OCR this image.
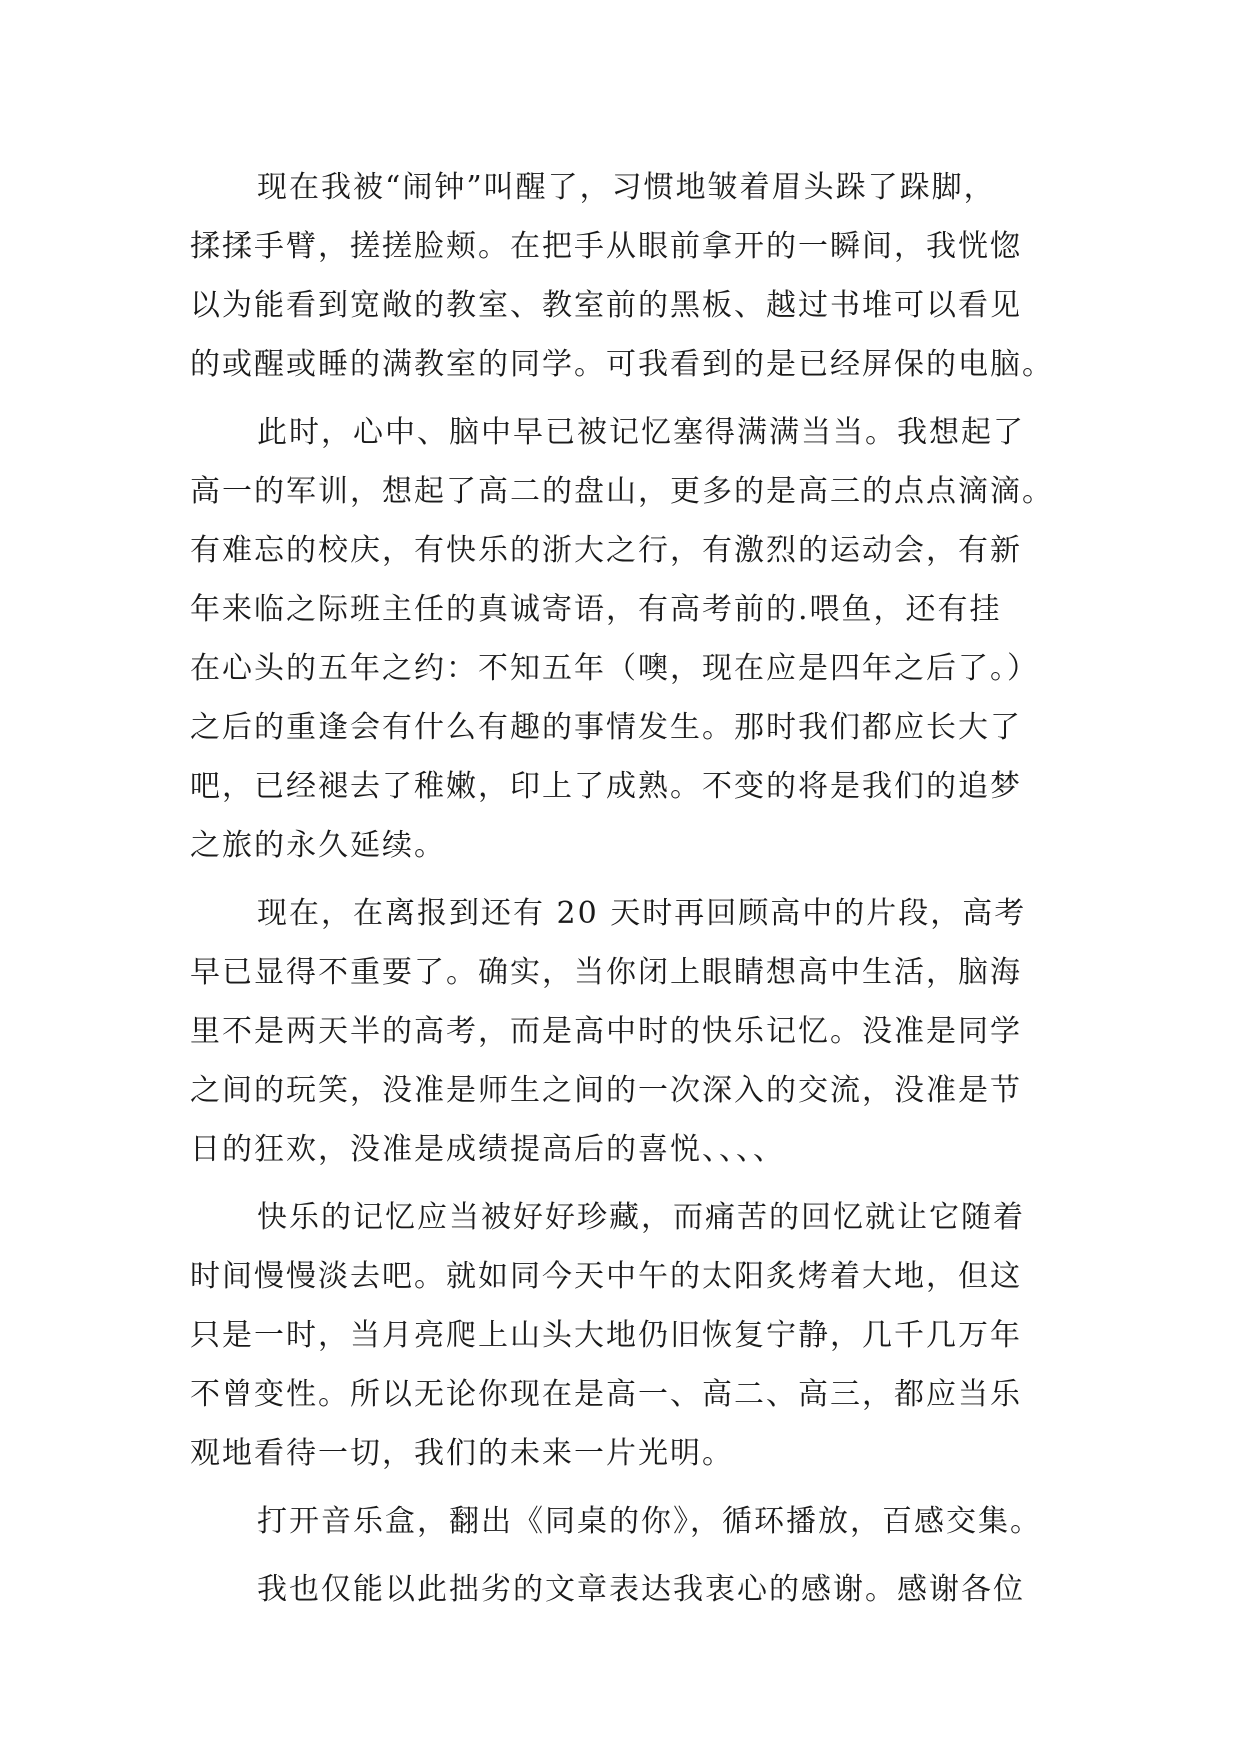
现在我被“闹钟”叫醒了，习惯地皱着眉头跺了跺脚，
揉揉手臂，搓搓脸颊。在把手从眼前拿开的一瞬间，我恍惚
以为能看到宽敞的教室、教室前的黑板、越过书堆可以看见
的或醒或睡的满教室的同学。可我看到的是已经屏保的电脑。
此时，心中、脑中早已被记忆塞得满满当当。我想起了
高一的军训，想起了高二的盘山，更多的是高三的点点滴滴。
有难忘的校庆，有快乐的浙大之行，有激烈的运动会，有新
年来临之际班主任的真诚寄语，有高考前的.喂鱼，还有挂
在心头的五年之约：不知五年（噢，现在应是四年之后了。）
之后的重逢会有什么有趣的事情发生。那时我们都应长大了
吧，已经褪去了稚嫩，印上了成熟。不变的将是我们的追梦
之旅的永久延续。
现在，在离报到还有 20 天时再回顾高中的片段，高考
早已显得不重要了。确实，当你闭上眼睛想高中生活，脑海
里不是两天半的高考，而是高中时的快乐记忆。没准是同学
之间的玩笑，没准是师生之间的一次深入的交流，没准是节
日的狂欢，没准是成绩提高后的喜悦、、、、
快乐的记忆应当被好好珍藏，而痛苦的回忆就让它随着
时间慢慢淡去吧。就如同今天中午的太阳炙烤着大地，但这
只是一时，当月亮爬上山头大地仍旧恢复宁静，几千几万年
不曾变性。所以无论你现在是高一、高二、高三，都应当乐
观地看待一切，我们的未来一片光明。
打开音乐盒，翻出《同桌的你》，循环播放，百感交集。
我也仅能以此拙劣的文章表达我衷心的感谢。感谢各位
